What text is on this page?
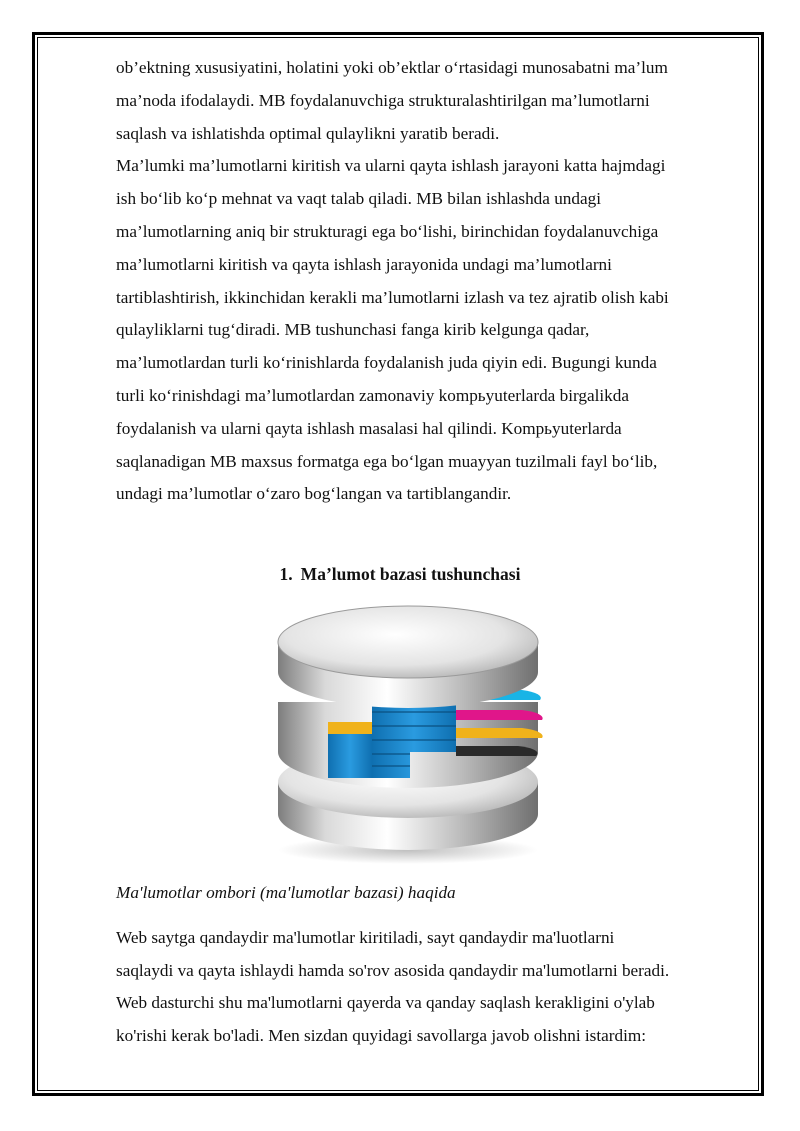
ob’ektning xususiyatini, holatini yoki ob’ektlar o‘rtasidagi munosabatni ma’lum
ma’noda ifodalaydi. MB foydalanuvchiga strukturalashtirilgan ma’lumotlarni
saqlash va ishlatishda optimal qulaylikni yaratib beradi.
Ma’lumki ma’lumotlarni kiritish va ularni qayta ishlash jarayoni katta hajmdagi
ish bo‘lib ko‘p mehnat va vaqt talab qiladi. MB bilan ishlashda undagi
ma’lumotlarning aniq bir strukturagi ega bo‘lishi, birinchidan foydalanuvchiga
ma’lumotlarni kiritish va qayta ishlash jarayonida undagi ma’lumotlarni
tartiblashtirish, ikkinchidan kerakli ma’lumotlarni izlash va tez ajratib olish kabi
qulayliklarni tug‘diradi. MB tushunchasi fanga kirib kelgunga qadar,
ma’lumotlardan turli ko‘rinishlarda foydalanish juda qiyin edi. Bugungi kunda
turli ko‘rinishdagi ma’lumotlardan zamonaviy kompьyuterlarda birgalikda
foydalanish va ularni qayta ishlash masalasi hal qilindi. Kompьyuterlarda
saqlanadigan MB maxsus formatga ega bo‘lgan muayyan tuzilmali fayl bo‘lib,
undagi ma’lumotlar o‘zaro bog‘langan va tartiblangandir.

1. Ma’lumot bazasi tushunchasi

Ma'lumotlar ombori (ma'lumotlar bazasi) haqida

Web saytga qandaydir ma'lumotlar kiritiladi, sayt qandaydir ma'luotlarni
saqlaydi va qayta ishlaydi hamda so'rov asosida qandaydir ma'lumotlarni beradi.
Web dasturchi shu ma'lumotlarni qayerda va qanday saqlash kerakligini o'ylab
ko'rishi kerak bo'ladi. Men sizdan quyidagi savollarga javob olishni istardim:
